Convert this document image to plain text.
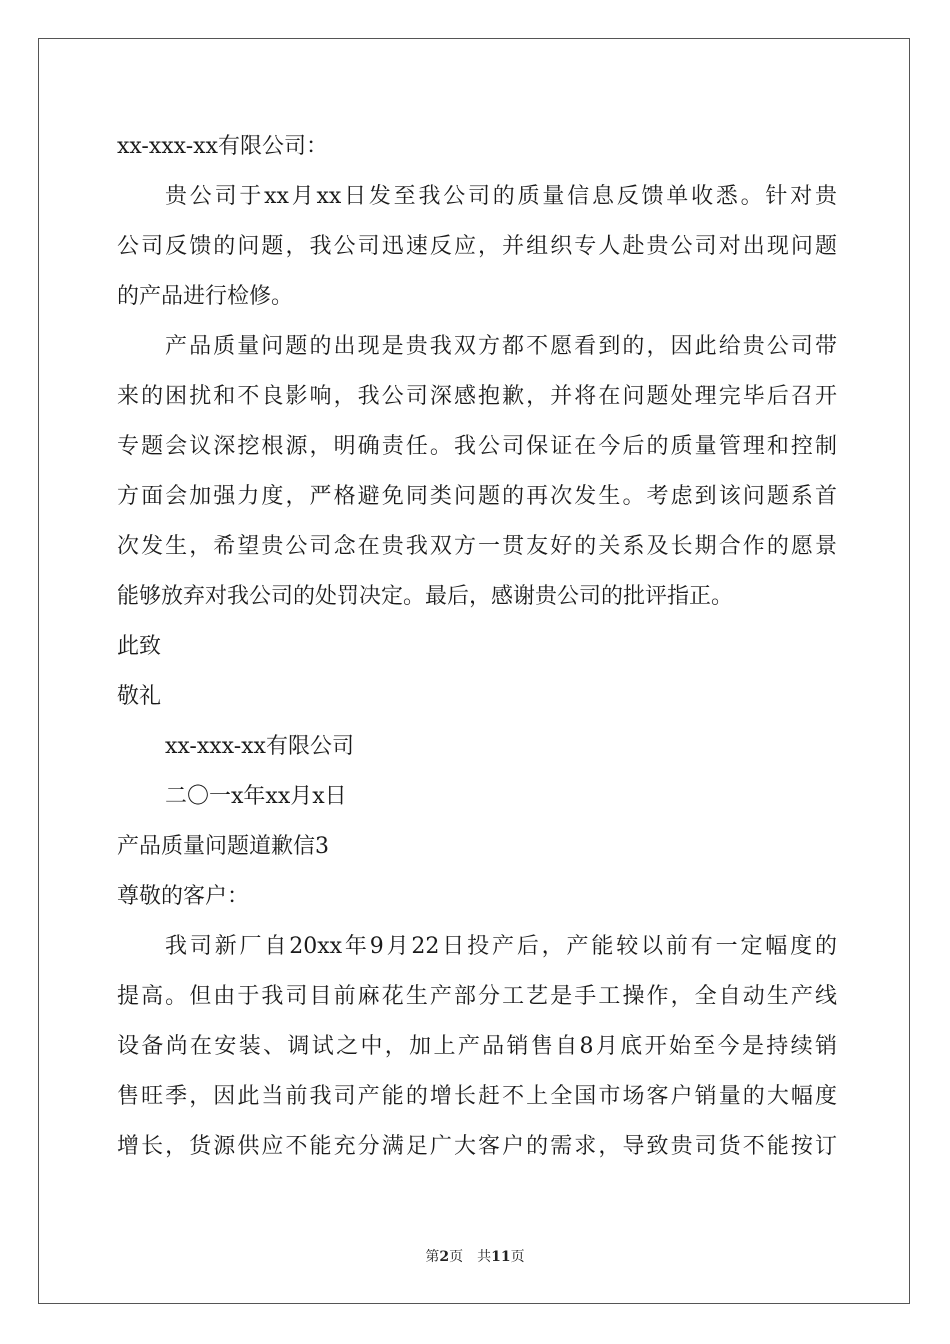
xx-xxx-xx有限公司：
贵公司于xx月xx日发至我公司的质量信息反馈单收悉。针对贵
公司反馈的问题，我公司迅速反应，并组织专人赴贵公司对出现问题
的产品进行检修。
产品质量问题的出现是贵我双方都不愿看到的，因此给贵公司带
来的困扰和不良影响，我公司深感抱歉，并将在问题处理完毕后召开
专题会议深挖根源，明确责任。我公司保证在今后的质量管理和控制
方面会加强力度，严格避免同类问题的再次发生。考虑到该问题系首
次发生，希望贵公司念在贵我双方一贯友好的关系及长期合作的愿景
能够放弃对我公司的处罚决定。最后，感谢贵公司的批评指正。
此致
敬礼
xx-xxx-xx有限公司
二〇一x年xx月x日
产品质量问题道歉信3
尊敬的客户：
我司新厂自20xx年9月22日投产后，产能较以前有一定幅度的
提高。但由于我司目前麻花生产部分工艺是手工操作，全自动生产线
设备尚在安装、调试之中，加上产品销售自8月底开始至今是持续销
售旺季，因此当前我司产能的增长赶不上全国市场客户销量的大幅度
增长，货源供应不能充分满足广大客户的需求，导致贵司货不能按订
第2页　共11页
